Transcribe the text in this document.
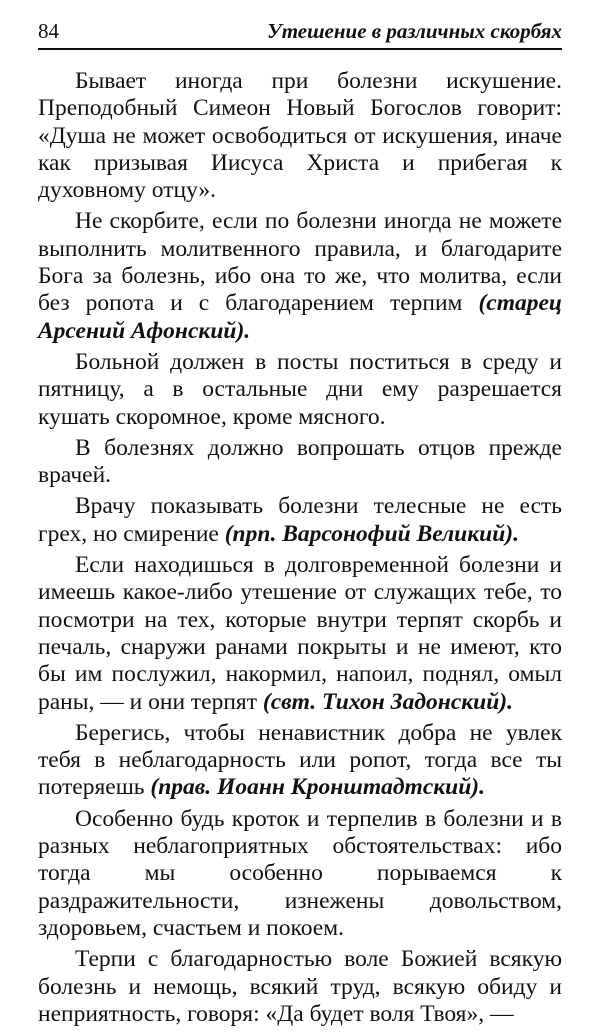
84	Утешение в различных скорбях

Бывает иногда при болезни искушение. Преподобный Симеон Новый Богослов говорит: «Душа не может освободиться от искушения, иначе как призывая Иисуса Христа и прибегая к духовному отцу».

Не скорбите, если по болезни иногда не можете выполнить молитвенного правила, и благодарите Бога за болезнь, ибо она то же, что молитва, если без ропота и с благодарением терпим (старец Арсений Афонский).

Больной должен в посты поститься в среду и пятницу, а в остальные дни ему разрешается кушать скоромное, кроме мясного.

В болезнях должно вопрошать отцов прежде врачей.

Врачу показывать болезни телесные не есть грех, но смирение (прп. Варсонофий Великий).

Если находишься в долговременной болезни и имеешь какое-либо утешение от служащих тебе, то посмотри на тех, которые внутри терпят скорбь и печаль, снаружи ранами покрыты и не имеют, кто бы им послужил, накормил, напоил, поднял, омыл раны, — и они терпят (свт. Тихон Задонский).

Берегись, чтобы ненавистник добра не увлек тебя в неблагодарность или ропот, тогда все ты потеряешь (прав. Иоанн Кронштадтский).

Особенно будь кроток и терпелив в болезни и в разных неблагоприятных обстоятельствах: ибо тогда мы особенно порываемся к раздражительности, изнежены довольством, здоровьем, счастьем и покоем.

Терпи с благодарностью воле Божией всякую болезнь и немощь, всякий труд, всякую обиду и неприятность, говоря: «Да будет воля Твоя», —
